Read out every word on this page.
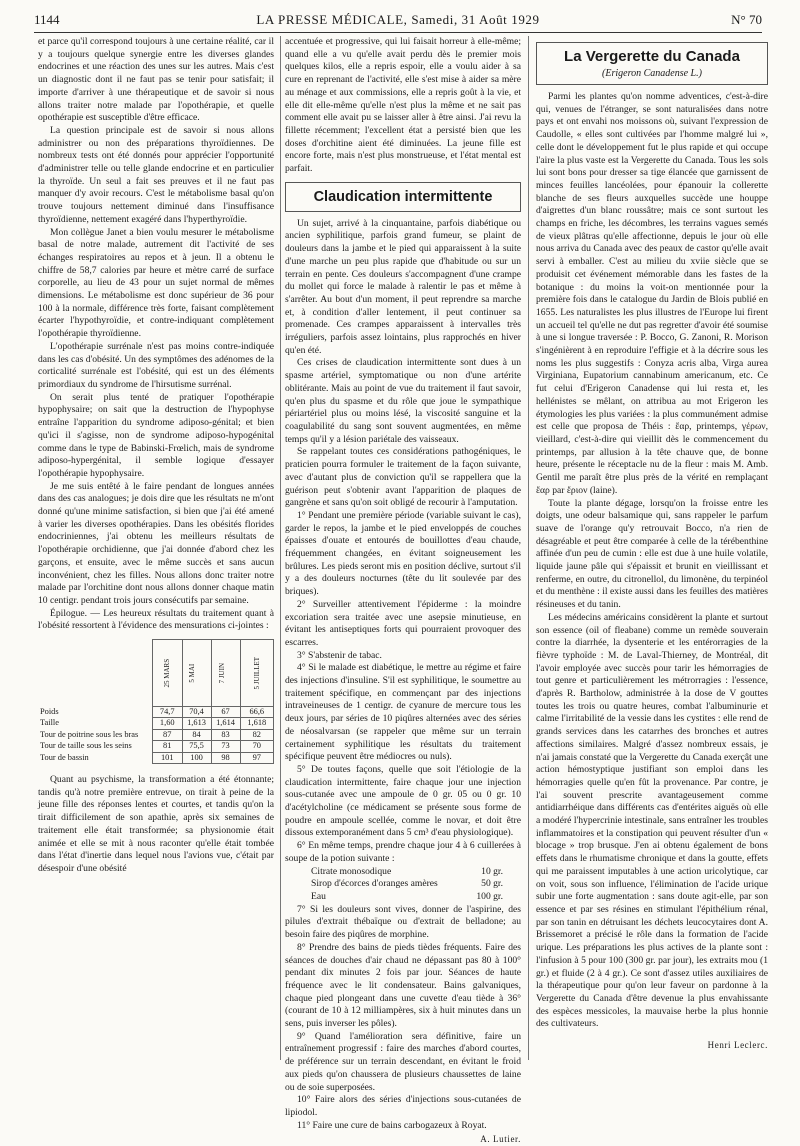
1144	LA PRESSE MÉDICALE, Samedi, 31 Août 1929	N° 70

et parce qu'il correspond toujours à une certaine réalité, car il y a toujours quelque synergie entre les diverses glandes endocrines et une réaction des unes sur les autres. Mais c'est un diagnostic dont il ne faut pas se tenir pour satisfait; il importe d'arriver à une thérapeutique et de savoir si nous allons traiter notre malade par l'opothérapie, et quelle opothérapie est susceptible d'être efficace.

La question principale est de savoir si nous allons administrer ou non des préparations thyroïdiennes. De nombreux tests ont été donnés pour apprécier l'opportunité d'administrer telle ou telle glande endocrine et en particulier la thyroïde. Un seul a fait ses preuves et il ne faut pas manquer d'y avoir recours. C'est le métabolisme basal qu'on trouve toujours nettement diminué dans l'insuffisance thyroïdienne, nettement exagéré dans l'hyperthyroïdie.

Mon collègue Janet a bien voulu mesurer le métabolisme basal de notre malade, autrement dit l'activité de ses échanges respiratoires au repos et à jeun. Il a obtenu le chiffre de 58,7 calories par heure et mètre carré de surface corporelle, au lieu de 43 pour un sujet normal de mêmes dimensions. Le métabolisme est donc supérieur de 36 pour 100 à la normale, différence très forte, faisant complètement écarter l'hypothyroïdie, et contre-indiquant complètement l'opothérapie thyroïdienne.

L'opothérapie surrénale n'est pas moins contre-indiquée dans les cas d'obésité. Un des symptômes des adénomes de la corticalité surrénale est l'obésité, qui est un des éléments primordiaux du syndrome de l'hirsutisme surrénal.

On serait plus tenté de pratiquer l'opothérapie hypophysaire; on sait que la destruction de l'hypophyse entraîne l'apparition du syndrome adiposo-génital; et bien qu'ici il s'agisse, non de syndrome adiposo-hypogénital comme dans le type de Babinski-Frœlich, mais de syndrome adiposo-hypergénital, il semble logique d'essayer l'opothérapie hypophysaire.

Je me suis entêté à le faire pendant de longues années dans des cas analogues; je dois dire que les résultats ne m'ont donné qu'une minime satisfaction, si bien que j'ai été amené à varier les diverses opothérapies. Dans les obésités florides endocriniennes, j'ai obtenu les meilleurs résultats de l'opothérapie orchidienne, que j'ai donnée d'abord chez les garçons, et ensuite, avec le même succès et sans aucun inconvénient, chez les filles. Nous allons donc traiter notre malade par l'orchitine dont nous allons donner chaque matin 10 centigr. pendant trois jours consécutifs par semaine.

Épilogue. — Les heureux résultats du traitement quant à l'obésité ressortent à l'évidence des mensurations ci-jointes :

	25 MARS	5 MAI	7 JUIN	5 JUILLET
Poids	74,7	70,4	67	66,6
Taille	1,60	1,613	1,614	1,618
Tour de poitrine sous les bras	87	84	83	82
Tour de taille sous les seins	81	75,5	73	70
Tour de bassin	101	100	98	97

Quant au psychisme, la transformation a été étonnante; tandis qu'à notre première entrevue, on tirait à peine de la jeune fille des réponses lentes et courtes, et tandis qu'on la tirait difficilement de son apathie, après six semaines de traitement elle était transformée; sa physionomie était animée et elle se mit à nous raconter qu'elle était tombée dans l'état d'inertie dans lequel nous l'avions vue, c'était par désespoir d'une obésité

accentuée et progressive, qui lui faisait horreur à elle-même; quand elle a vu qu'elle avait perdu dès le premier mois quelques kilos, elle a repris espoir, elle a voulu aider à sa cure en reprenant de l'activité, elle s'est mise à aider sa mère au ménage et aux commissions, elle a repris goût à la vie, et elle dit elle-même qu'elle n'est plus la même et ne sait pas comment elle avait pu se laisser aller à être ainsi. J'ai revu la fillette récemment; l'excellent état a persisté bien que les doses d'orchitine aient été diminuées. La jeune fille est encore forte, mais n'est plus monstrueuse, et l'état mental est parfait.

Claudication intermittente

Un sujet, arrivé à la cinquantaine, parfois diabétique ou ancien syphilitique, parfois grand fumeur, se plaint de douleurs dans la jambe et le pied qui apparaissent à la suite d'une marche un peu plus rapide que d'habitude ou sur un terrain en pente. Ces douleurs s'accompagnent d'une crampe du mollet qui force le malade à ralentir le pas et même à s'arrêter. Au bout d'un moment, il peut reprendre sa marche et, à condition d'aller lentement, il peut continuer sa promenade. Ces crampes apparaissent à intervalles très irréguliers, parfois assez lointains, plus rapprochés en hiver qu'en été.

Ces crises de claudication intermittente sont dues à un spasme artériel, symptomatique ou non d'une artérite oblitérante. Mais au point de vue du traitement il faut savoir, qu'en plus du spasme et du rôle que joue le sympathique périartériel plus ou moins lésé, la viscosité sanguine et la coagulabilité du sang sont souvent augmentées, en même temps qu'il y a lésion pariétale des vaisseaux.

Se rappelant toutes ces considérations pathogéniques, le praticien pourra formuler le traitement de la façon suivante, avec d'autant plus de conviction qu'il se rappellera que la guérison peut s'obtenir avant l'apparition de plaques de gangrène et sans qu'on soit obligé de recourir à l'amputation.

1° Pendant une première période (variable suivant le cas), garder le repos, la jambe et le pied enveloppés de couches épaisses d'ouate et entourés de bouillottes d'eau chaude, fréquemment changées, en évitant soigneusement les brûlures. Les pieds seront mis en position déclive, surtout s'il y a des douleurs nocturnes (tête du lit soulevée par des briques).

2° Surveiller attentivement l'épiderme : la moindre excoriation sera traitée avec une asepsie minutieuse, en évitant les antiseptiques forts qui pourraient provoquer des escarres.

3° S'abstenir de tabac.

4° Si le malade est diabétique, le mettre au régime et faire des injections d'insuline. S'il est syphilitique, le soumettre au traitement spécifique, en commençant par des injections intraveineuses de 1 centigr. de cyanure de mercure tous les deux jours, par séries de 10 piqûres alternées avec des séries de néosalvarsan (se rappeler que même sur un terrain certainement syphilitique les résultats du traitement spécifique peuvent être médiocres ou nuls).

5° De toutes façons, quelle que soit l'étiologie de la claudication intermittente, faire chaque jour une injection sous-cutanée avec une ampoule de 0 gr. 05 ou 0 gr. 10 d'acétylcholine (ce médicament se présente sous forme de poudre en ampoule scellée, comme le novar, et doit être dissous extemporanément dans 5 cm³ d'eau physiologique).

6° En même temps, prendre chaque jour 4 à 6 cuillerées à soupe de la potion suivante :

Citrate monosodique	10 gr.
Sirop d'écorces d'oranges amères	50 gr.
Eau	100 gr.

7° Si les douleurs sont vives, donner de l'aspirine, des pilules d'extrait thébaïque ou d'extrait de belladone; au besoin faire des piqûres de morphine.

8° Prendre des bains de pieds tièdes fréquents. Faire des séances de douches d'air chaud ne dépassant pas 80 à 100° pendant dix minutes 2 fois par jour. Séances de haute fréquence avec le lit condensateur. Bains galvaniques, chaque pied plongeant dans une cuvette d'eau tiède à 36° (courant de 10 à 12 milliampères, six à huit minutes dans un sens, puis inverser les pôles).

9° Quand l'amélioration sera définitive, faire un entraînement progressif : faire des marches d'abord courtes, de préférence sur un terrain descendant, en évitant le froid aux pieds qu'on chaussera de plusieurs chaussettes de laine ou de soie superposées.

10° Faire alors des séries d'injections sous-cutanées de lipiodol.

11° Faire une cure de bains carbogazeux à Royat.

A. Lutier.
La Vergerette du Canada
(Erigeron Canadense L.)

Parmi les plantes qu'on nomme adventices, c'est-à-dire qui, venues de l'étranger, se sont naturalisées dans notre pays et ont envahi nos moissons où, suivant l'expression de Caudolle, « elles sont cultivées par l'homme malgré lui », celle dont le développement fut le plus rapide et qui occupe l'aire la plus vaste est la Vergerette du Canada. Tous les sols lui sont bons pour dresser sa tige élancée que garnissent de minces feuilles lancéolées, pour épanouir la collerette blanche de ses fleurs auxquelles succède une houppe d'aigrettes d'un blanc roussâtre; mais ce sont surtout les champs en friche, les décombres, les terrains vagues semés de vieux plâtras qu'elle affectionne, depuis le jour où elle nous arriva du Canada avec des peaux de castor qu'elle avait servi à emballer. C'est au milieu du xviie siècle que se produisit cet événement mémorable dans les fastes de la botanique : du moins la voit-on mentionnée pour la première fois dans le catalogue du Jardin de Blois publié en 1655. Les naturalistes les plus illustres de l'Europe lui firent un accueil tel qu'elle ne dut pas regretter d'avoir été soumise à une si longue traversée : P. Bocco, G. Zanoni, R. Morison s'ingénièrent à en reproduire l'effigie et à la décrire sous les noms les plus suggestifs : Conyza acris alba, Virga aurea Virginiana, Eupatorium cannabinum americanum, etc. Ce fut celui d'Erigeron Canadense qui lui resta et, les hellénistes se mêlant, on attribua au mot Erigeron les étymologies les plus variées : la plus communément admise est celle que proposa de Théis : ἔαρ, printemps, γέρων, vieillard, c'est-à-dire qui vieillit dès le commencement du printemps, par allusion à la tête chauve que, de bonne heure, présente le réceptacle nu de la fleur : mais M. Amb. Gentil me paraît être plus près de la vérité en remplaçant ἔαρ par ἔριον (laine).

Toute la plante dégage, lorsqu'on la froisse entre les doigts, une odeur balsamique qui, sans rappeler le parfum suave de l'orange qu'y retrouvait Bocco, n'a rien de désagréable et peut être comparée à celle de la térébenthine affinée d'un peu de cumin : elle est due à une huile volatile, liquide jaune pâle qui s'épaissit et brunit en vieillissant et renferme, en outre, du citronellol, du limonène, du terpinéol et du menthène : il existe aussi dans les feuilles des matières résineuses et du tanin.

Les médecins américains considèrent la plante et surtout son essence (oil of fleabane) comme un remède souverain contre la diarrhée, la dysenterie et les entérorragies de la fièvre typhoïde : M. de Laval-Thierney, de Montréal, dit l'avoir employée avec succès pour tarir les hémorragies de tout genre et particulièrement les métrorragies : l'essence, d'après R. Bartholow, administrée à la dose de V gouttes toutes les trois ou quatre heures, combat l'albuminurie et calme l'irritabilité de la vessie dans les cystites : elle rend de grands services dans les catarrhes des bronches et autres affections similaires. Malgré d'assez nombreux essais, je n'ai jamais constaté que la Vergerette du Canada exerçât une action hémostyptique justifiant son emploi dans les hémorragies quelle qu'en fût la provenance. Par contre, je l'ai souvent prescrite avantageusement comme antidiarrhéique dans différents cas d'entérites aiguës où elle a modéré l'hypercrinie intestinale, sans entraîner les troubles inflammatoires et la constipation qui peuvent résulter d'un « blocage » trop brusque. J'en ai obtenu également de bons effets dans le rhumatisme chronique et dans la goutte, effets qui me paraissent imputables à une action uricolytique, car on voit, sous son influence, l'élimination de l'acide urique subir une forte augmentation : sans doute agit-elle, par son essence et par ses résines en stimulant l'épithélium rénal, par son tanin en détruisant les déchets leucocytaires dont A. Brissemoret a précisé le rôle dans la formation de l'acide urique. Les préparations les plus actives de la plante sont : l'infusion à 5 pour 100 (300 gr. par jour), les extraits mou (1 gr.) et fluide (2 à 4 gr.). Ce sont d'assez utiles auxiliaires de la thérapeutique pour qu'on leur faveur on pardonne à la Vergerette du Canada d'être devenue la plus envahissante des espèces messicoles, la mauvaise herbe la plus honnie des cultivateurs.

Henri Leclerc.
